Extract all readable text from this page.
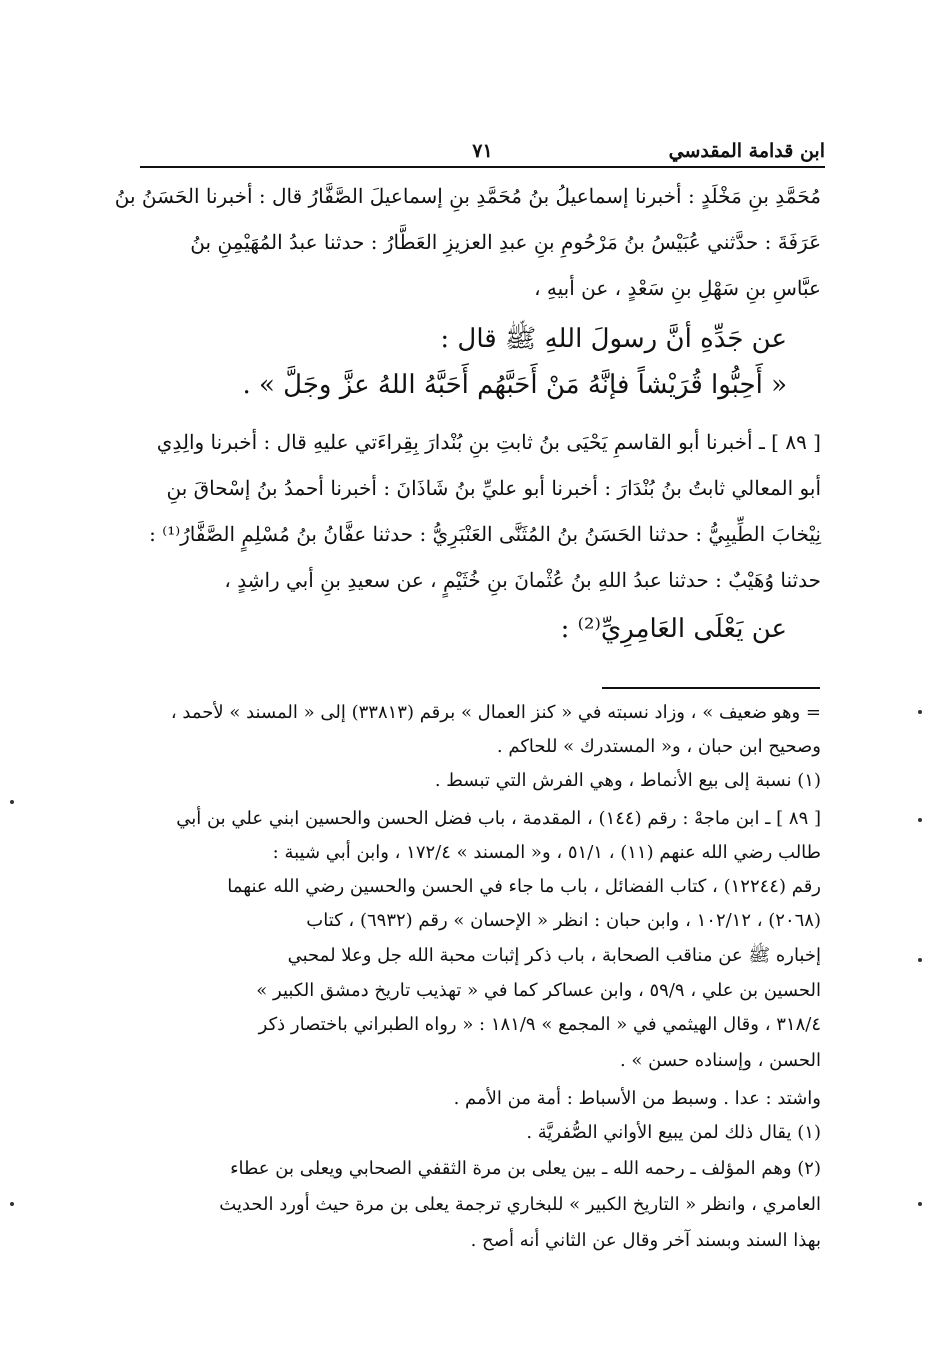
ابن قدامة المقدسي
٧١
مُحَمَّدِ بنِ مَخْلَدٍ : أخبرنا إسماعيلُ بنُ مُحَمَّدِ بنِ إسماعيلَ الصَّفَّارُ قال : أخبرنا الحَسَنُ بنُ
عَرَفَةَ : حدَّثني عُبَيْسُ بنُ مَرْحُومِ بنِ عبدِ العزيزِ العَطَّارُ : حدثنا عبدُ المُهَيْمِنِ بنُ
عبَّاسِ بنِ سَهْلِ بنِ سَعْدٍ ، عن أبيهِ ،
عن جَدِّهِ أنَّ رسولَ اللهِ ﷺ قال :
« أَحِبُّوا قُرَيْشاً فإنَّهُ مَنْ أَحَبَّهُم أَحَبَّهُ اللهُ عزَّ وجَلَّ » .
[ ٨٩ ] ـ أخبرنا أبو القاسمِ يَحْيَى بنُ ثابتِ بنِ بُنْدارَ بِقِراءَتي عليهِ قال : أخبرنا والِدِي
أبو المعالي ثابتُ بنُ بُنْدَارَ : أخبرنا أبو عليِّ بنُ شَاذَانَ : أخبرنا أحمدُ بنُ إسْحاقَ بنِ
نِيْخابَ الطِّيبِيُّ : حدثنا الحَسَنُ بنُ المُثَنَّى العَنْبَرِيُّ : حدثنا عفَّانُ بنُ مُسْلِمٍ الصَّفَّارُ⁽¹⁾ :
حدثنا وُهَيْبٌ : حدثنا عبدُ اللهِ بنُ عُثْمانَ بنِ خُثَيْمٍ ، عن سعيدِ بنِ أبي راشِدٍ ،
عن يَعْلَى العَامِرِيِّ⁽²⁾ :
= وهو ضعيف » ، وزاد نسبته في « كنز العمال » برقم (٣٣٨١٣) إلى « المسند » لأحمد ،
وصحيح ابن حبان ، و« المستدرك » للحاكم .
(١) نسبة إلى بيع الأنماط ، وهي الفرش التي تبسط .
[ ٨٩ ] ـ ابن ماجهْ : رقم (١٤٤) ، المقدمة ، باب فضل الحسن والحسين ابني علي بن أبي
طالب رضي الله عنهم (١١) ، ٥١/١ ، و« المسند » ١٧٢/٤ ، وابن أبي شيبة :
رقم (١٢٢٤٤) ، كتاب الفضائل ، باب ما جاء في الحسن والحسين رضي الله عنهما
(٢٠٦٨) ، ١٠٢/١٢ ، وابن حبان : انظر « الإحسان » رقم (٦٩٣٢) ، كتاب
إخباره ﷺ عن مناقب الصحابة ، باب ذكر إثبات محبة الله جل وعلا لمحبي
الحسين بن علي ، ٥٩/٩ ، وابن عساكر كما في « تهذيب تاريخ دمشق الكبير »
٣١٨/٤ ، وقال الهيثمي في « المجمع » ١٨١/٩ : « رواه الطبراني باختصار ذكر
الحسن ، وإسناده حسن » .
واشتد : عدا . وسبط من الأسباط : أمة من الأمم .
(١) يقال ذلك لمن يبيع الأواني الصُّفريَّة .
(٢) وهم المؤلف ـ رحمه الله ـ بين يعلى بن مرة الثقفي الصحابي ويعلى بن عطاء
العامري ، وانظر « التاريخ الكبير » للبخاري ترجمة يعلى بن مرة حيث أورد الحديث
بهذا السند وبسند آخر وقال عن الثاني أنه أصح .
